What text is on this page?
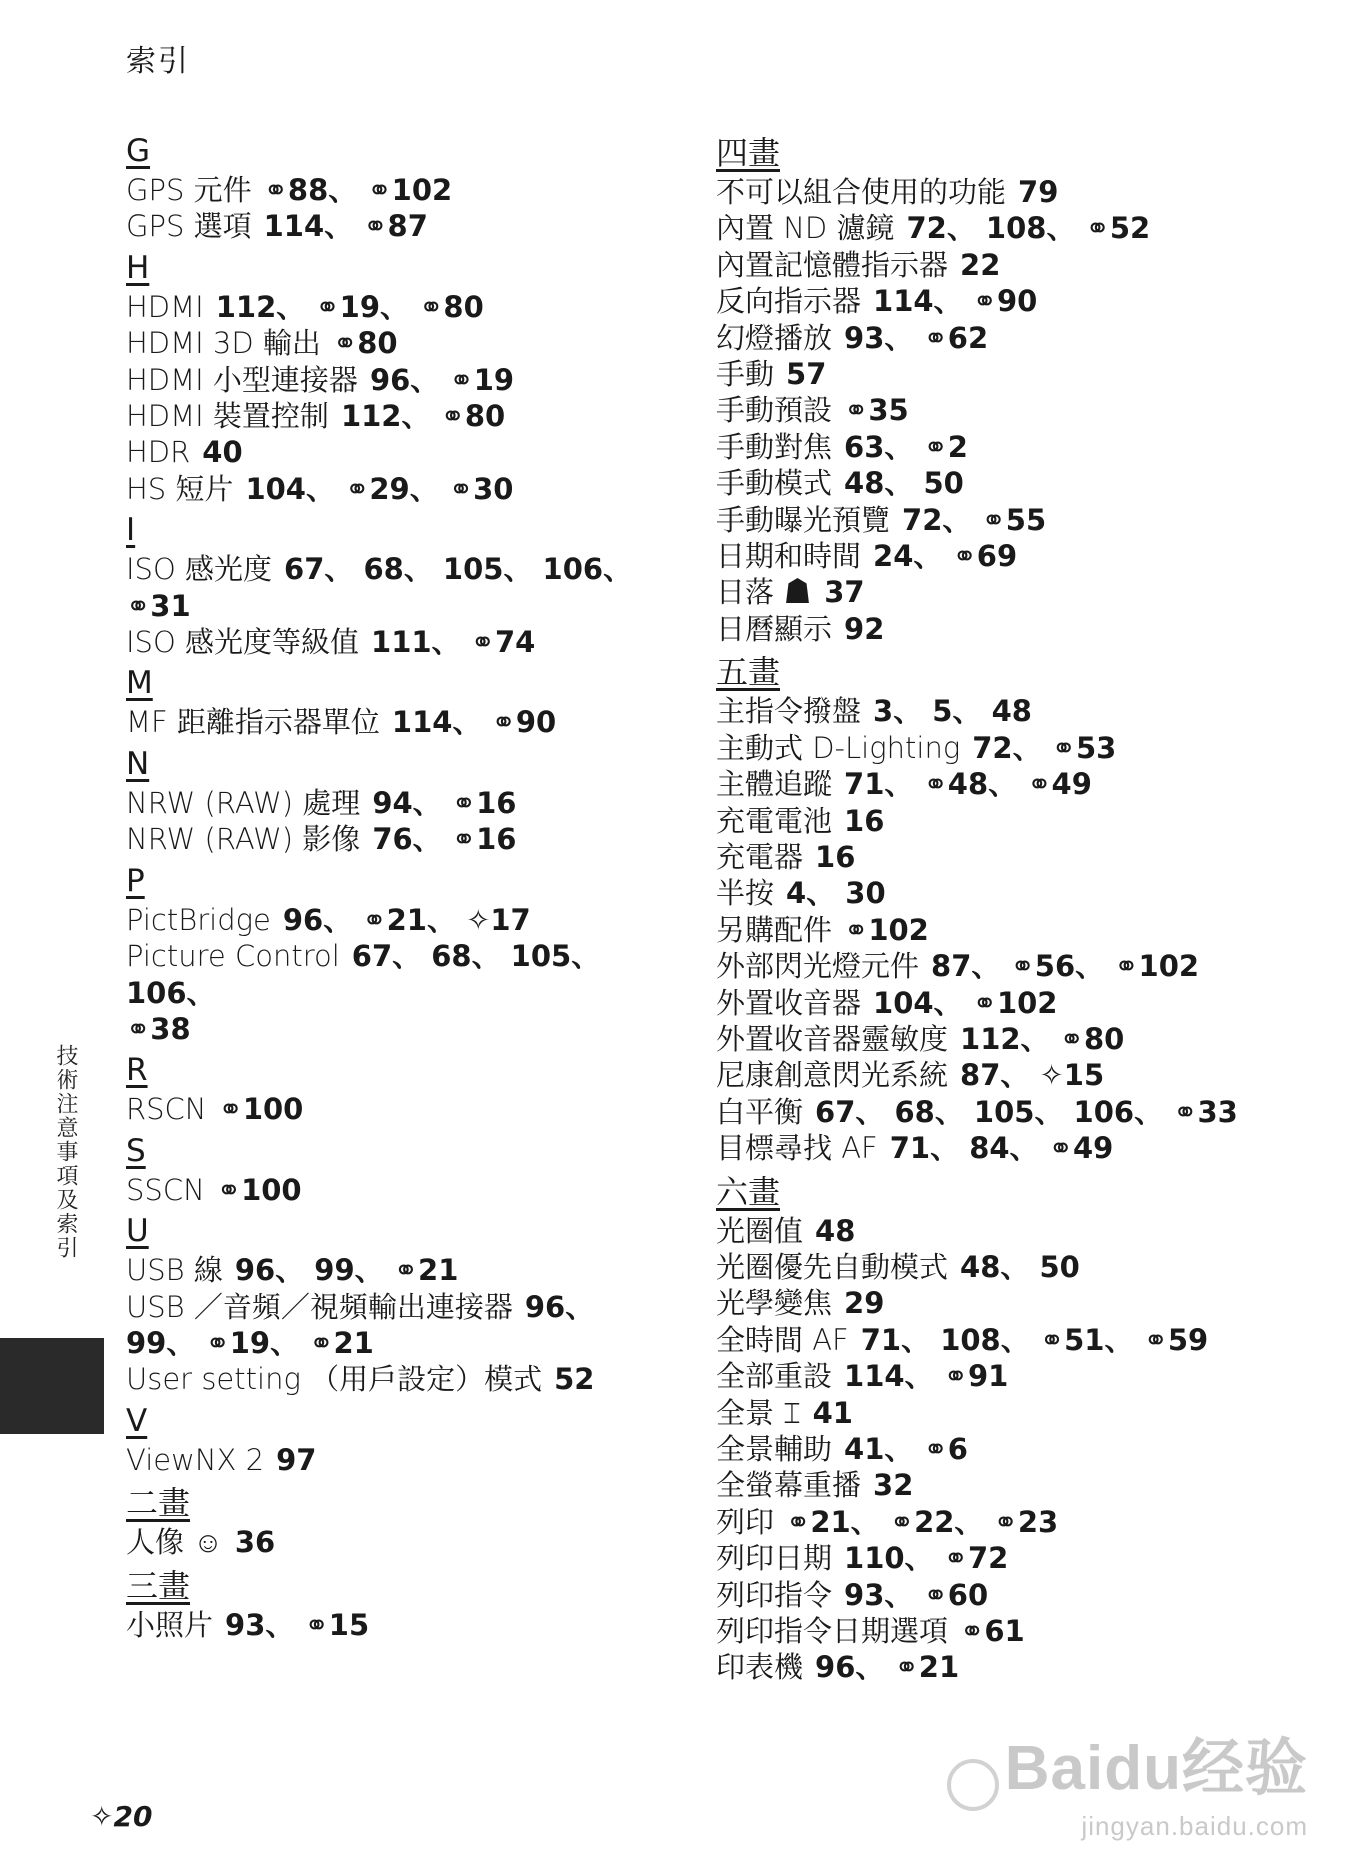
索引
G
GPS 元件 ⚭88、 ⚭102
GPS 選項 114、 ⚭87
H
HDMI 112、 ⚭19、 ⚭80
HDMI 3D 輸出 ⚭80
HDMI 小型連接器 96、 ⚭19
HDMI 裝置控制 112、 ⚭80
HDR 40
HS 短片 104、 ⚭29、 ⚭30
I
ISO 感光度 67、 68、 105、 106、
⚭31
ISO 感光度等級值 111、 ⚭74
M
MF 距離指示器單位 114、 ⚭90
N
NRW (RAW) 處理 94、 ⚭16
NRW (RAW) 影像 76、 ⚭16
P
PictBridge 96、 ⚭21、 ✧17
Picture Control 67、 68、 105、 106、
⚭38
R
RSCN ⚭100
S
SSCN ⚭100
U
USB 線 96、 99、 ⚭21
USB ／音頻／視頻輸出連接器 96、
99、 ⚭19、 ⚭21
User setting （用戶設定）模式 52
V
ViewNX 2 97
二畫
人像 ☺ 36
三畫
小照片 93、 ⚭15
四畫
不可以組合使用的功能 79
內置 ND 濾鏡 72、 108、 ⚭52
內置記憶體指示器 22
反向指示器 114、 ⚭90
幻燈播放 93、 ⚭62
手動 57
手動預設 ⚭35
手動對焦 63、 ⚭2
手動模式 48、 50
手動曝光預覽 72、 ⚭55
日期和時間 24、 ⚭69
日落 ☗ 37
日曆顯示 92
五畫
主指令撥盤 3、 5、 48
主動式 D-Lighting 72、 ⚭53
主體追蹤 71、 ⚭48、 ⚭49
充電電池 16
充電器 16
半按 4、 30
另購配件 ⚭102
外部閃光燈元件 87、 ⚭56、 ⚭102
外置收音器 104、 ⚭102
外置收音器靈敏度 112、 ⚭80
尼康創意閃光系統 87、 ✧15
白平衡 67、 68、 105、 106、 ⚭33
目標尋找 AF 71、 84、 ⚭49
六畫
光圈值 48
光圈優先自動模式 48、 50
光學變焦 29
全時間 AF 71、 108、 ⚭51、 ⚭59
全部重設 114、 ⚭91
全景 ⌶ 41
全景輔助 41、 ⚭6
全螢幕重播 32
列印 ⚭21、 ⚭22、 ⚭23
列印日期 110、 ⚭72
列印指令 93、 ⚭60
列印指令日期選項 ⚭61
印表機 96、 ⚭21
技術注意事項及索引
✧20
Baidu经验
jingyan.baidu.com
